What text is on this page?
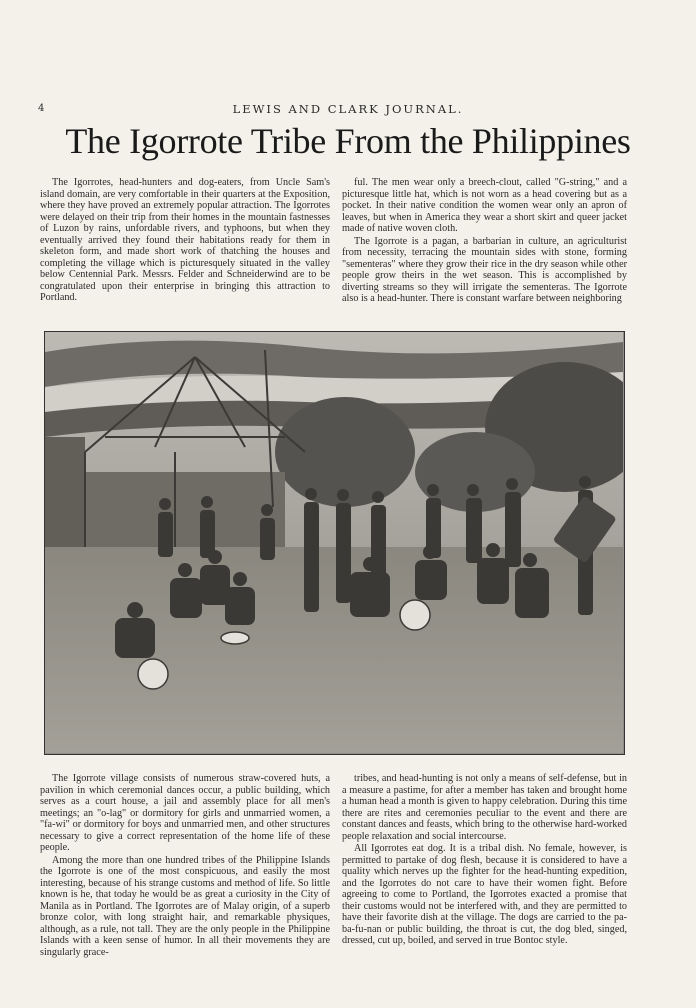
4	LEWIS AND CLARK JOURNAL.
The Igorrote Tribe From the Philippines

The Igorrotes, head-hunters and dog-eaters, from Uncle Sam's island domain, are very comfortable in their quarters at the Exposition, where they have proved an extremely popular attraction. The Igorrotes were delayed on their trip from their homes in the mountain fastnesses of Luzon by rains, unfordable rivers, and typhoons, but when they eventually arrived they found their habitations ready for them in skeleton form, and made short work of thatching the houses and completing the village which is picturesquely situated in the valley below Centennial Park. Messrs. Felder and Schneiderwind are to be congratulated upon their enterprise in bringing this attraction to Portland.

ful. The men wear only a breech-clout, called "G-string," and a picturesque little hat, which is not worn as a head covering but as a pocket. In their native condition the women wear only an apron of leaves, but when in America they wear a short skirt and queer jacket made of native woven cloth.

The Igorrote is a pagan, a barbarian in culture, an agriculturist from necessity, terracing the mountain sides with stone, forming "sementeras" where they grow their rice in the dry season while other people grow theirs in the wet season. This is accomplished by diverting streams so they will irrigate the sementeras. The Igorrote also is a head-hunter. There is constant warfare between neighboring

The Igorrote village consists of numerous straw-covered huts, a pavilion in which ceremonial dances occur, a public building, which serves as a court house, a jail and assembly place for all men's meetings; an "o-lag" or dormitory for girls and unmarried women, a "fa-wi" or dormitory for boys and unmarried men, and other structures necessary to give a correct representation of the home life of these people.

Among the more than one hundred tribes of the Philippine Islands the Igorrote is one of the most conspicuous, and easily the most interesting, because of his strange customs and method of life. So little known is he, that today he would be as great a curiosity in the City of Manila as in Portland. The Igorrotes are of Malay origin, of a superb bronze color, with long straight hair, and remarkable physiques, although, as a rule, not tall. They are the only people in the Philippine Islands with a keen sense of humor. In all their movements they are singularly grace-

tribes, and head-hunting is not only a means of self-defense, but in a measure a pastime, for after a member has taken and brought home a human head a month is given to happy celebration. During this time there are rites and ceremonies peculiar to the event and there are constant dances and feasts, which bring to the otherwise hard-worked people relaxation and social intercourse.

All Igorrotes eat dog. It is a tribal dish. No female, however, is permitted to partake of dog flesh, because it is considered to have a quality which nerves up the fighter for the head-hunting expedition, and the Igorrotes do not care to have their women fight. Before agreeing to come to Portland, the Igorrotes exacted a promise that their customs would not be interfered with, and they are permitted to have their favorite dish at the village. The dogs are carried to the pa-ba-fu-nan or public building, the throat is cut, the dog bled, singed, dressed, cut up, boiled, and served in true Bontoc style.
